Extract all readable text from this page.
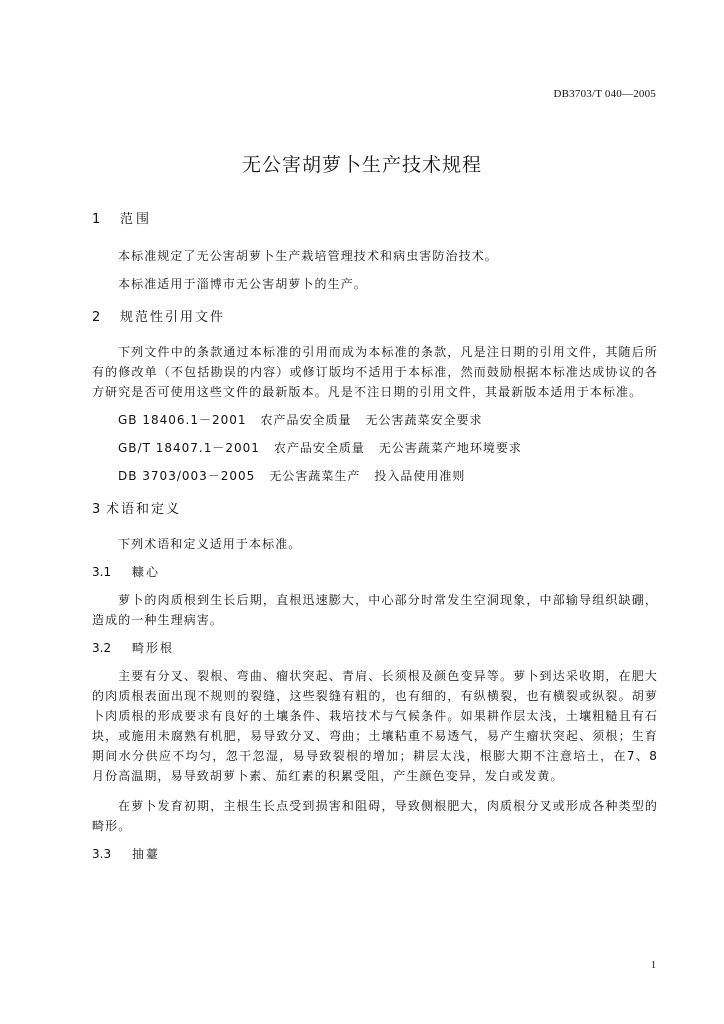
DB3703/T 040—2005
无公害胡萝卜生产技术规程
1 范围

本标准规定了无公害胡萝卜生产栽培管理技术和病虫害防治技术。

本标准适用于淄博市无公害胡萝卜的生产。

2 规范性引用文件

下列文件中的条款通过本标准的引用而成为本标准的条款，凡是注日期的引用文件，其随后所有的修改单（不包括勘误的内容）或修订版均不适用于本标准，然而鼓励根据本标准达成协议的各方研究是否可使用这些文件的最新版本。凡是不注日期的引用文件，其最新版本适用于本标准。

GB 18406.1－2001 农产品安全质量 无公害蔬菜安全要求
GB/T 18407.1－2001 农产品安全质量 无公害蔬菜产地环境要求
DB 3703/003－2005 无公害蔬菜生产 投入品使用准则
3 术语和定义

下列术语和定义适用于本标准。

3.1 糠心

萝卜的肉质根到生长后期，直根迅速膨大，中心部分时常发生空洞现象，中部输导组织缺硼，造成的一种生理病害。

3.2 畸形根

主要有分叉、裂根、弯曲、瘤状突起、青肩、长须根及颜色变异等。萝卜到达采收期，在肥大的肉质根表面出现不规则的裂缝，这些裂缝有粗的，也有细的，有纵横裂，也有横裂或纵裂。胡萝卜肉质根的形成要求有良好的土壤条件、栽培技术与气候条件。如果耕作层太浅，土壤粗糙且有石块，或施用未腐熟有机肥，易导致分叉、弯曲；土壤粘重不易透气，易产生瘤状突起、须根；生育期间水分供应不均匀，忽干忽湿，易导致裂根的增加；耕层太浅，根膨大期不注意培土，在7、8月份高温期，易导致胡萝卜素、茄红素的积累受阻，产生颜色变异，发白或发黄。

在萝卜发育初期，主根生长点受到损害和阻碍，导致侧根肥大，肉质根分叉或形成各种类型的畸形。

3.3 抽薹
1
